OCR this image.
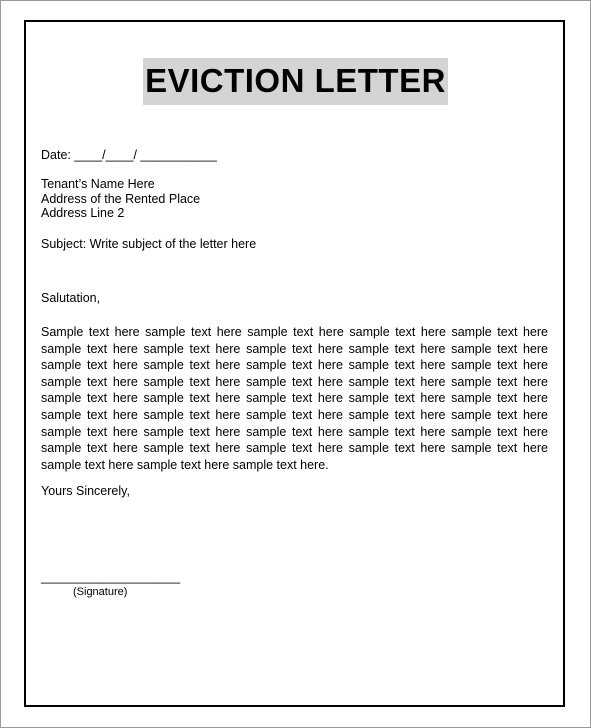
EVICTION LETTER
Date: ____/____/ ___________
Tenant’s Name Here
Address of the Rented Place
Address Line 2
Subject: Write subject of the letter here
Salutation,
Sample text here sample text here sample text here sample text here sample text here sample text here sample text here sample text here sample text here sample text here sample text here sample text here sample text here sample text here sample text here sample text here sample text here sample text here sample text here sample text here sample text here sample text here sample text here sample text here sample text here sample text here sample text here sample text here sample text here sample text here sample text here sample text here sample text here sample text here sample text here sample text here sample text here sample text here sample text here sample text here sample text here sample text here sample text here.
Yours Sincerely,
____________________
(Signature)
